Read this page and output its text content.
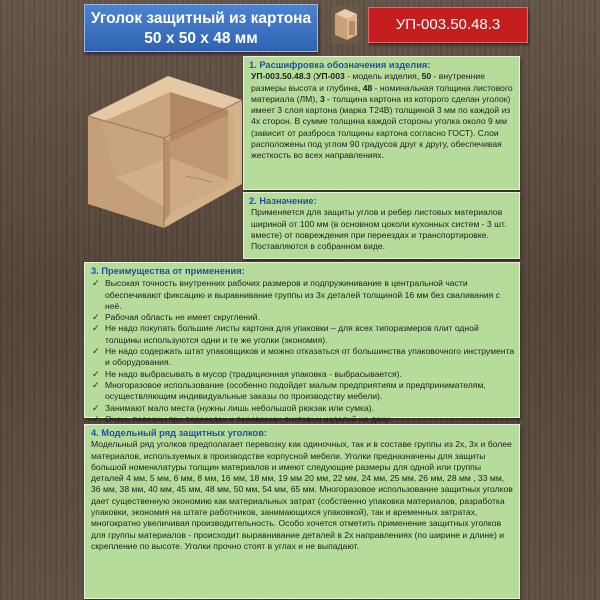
Уголок защитный из картона
50 х 50 х 48 мм
УП-003.50.48.3
1. Расшифровка обозначения изделия:
УП-003.50.48.3 (УП-003 - модель изделия, 50 - внутренние размеры высота и глубина, 48 - номинальная толщина листового материала (ЛМ), 3 - толщина картона из которого сделан уголок) имеет 3 слоя картона (марка Т24В) толщиной 3 мм по каждой из 4х сторон. В сумме толщина каждой стороны уголка около 9 мм (зависит от разброса толщины картона согласно ГОСТ). Слои расположены под углом 90 градусов друг к другу, обеспечивая жесткость во всех направлениях.
2. Назначение:
Применяется для защиты углов и ребер листовых материалов шириной от 100 мм (в основном цоколи кухонных систем - 3 шт. вместе) от повреждения при переездах и транспортировке. Поставляются в собранном виде.
3. Преимущества от применения:
✓ Высокая точность внутренних рабочих размеров и подпружинивание в центральной части обеспечивают фиксацию и выравнивание группы из 3х деталей толщиной 16 мм без сваливания с неё.
✓ Рабочая область не имеет скруглений.
✓ Не надо покупать большие листы картона для упаковки – для всех типоразмеров плит одной толщины используются одни и те же уголки (экономия).
✓ Не надо содержать штат упаковщиков и можно отказаться от большинства упаковочного инструмента и оборудования.
✓ Не надо выбрасывать в мусор (традиционная упаковка - выбрасывается).
✓ Многоразовое использование (особенно подойдет малым предприятиям и предпринимателям, осуществляющим индивидуальные заказы по производству мебели).
✓ Занимают мало места (нужны лишь небольшой рюкзак или сумка).
✓ Очень полезны при переездах и перевозках листовых изделий на дачу.
4. Модельный ряд защитных уголков:
Модельный ряд уголков предполагает перевозку как одиночных, так и в составе группы из 2х, 3х и более материалов, используемых в производстве корпусной мебели. Уголки предназначены для защиты большой номенклатуры толщин материалов и имеют следующие размеры для одной или группы деталей 4 мм, 5 мм, 6 мм, 8 мм, 16 мм, 18 мм, 19 мм 20 мм, 22 мм, 24 мм, 25 мм, 26 мм, 28 мм , 33 мм, 36 мм, 38 мм, 40 мм, 45 мм, 48 мм, 50 мм, 54 мм, 65 мм. Многоразовое использование защитных уголков дает существенную экономию как материальных затрат (собственно упаковка материалов, разработка упаковки, экономия на штате работников, занимающихся упаковкой), так и временных затратах, многократно увеличивая производительность. Особо хочется отметить применение защитных уголков для группы материалов - происходит выравнивание деталей в 2х направлениях (по ширине и длине) и скрепление по высоте. Уголки прочно стоят в углах и не выпадают.
